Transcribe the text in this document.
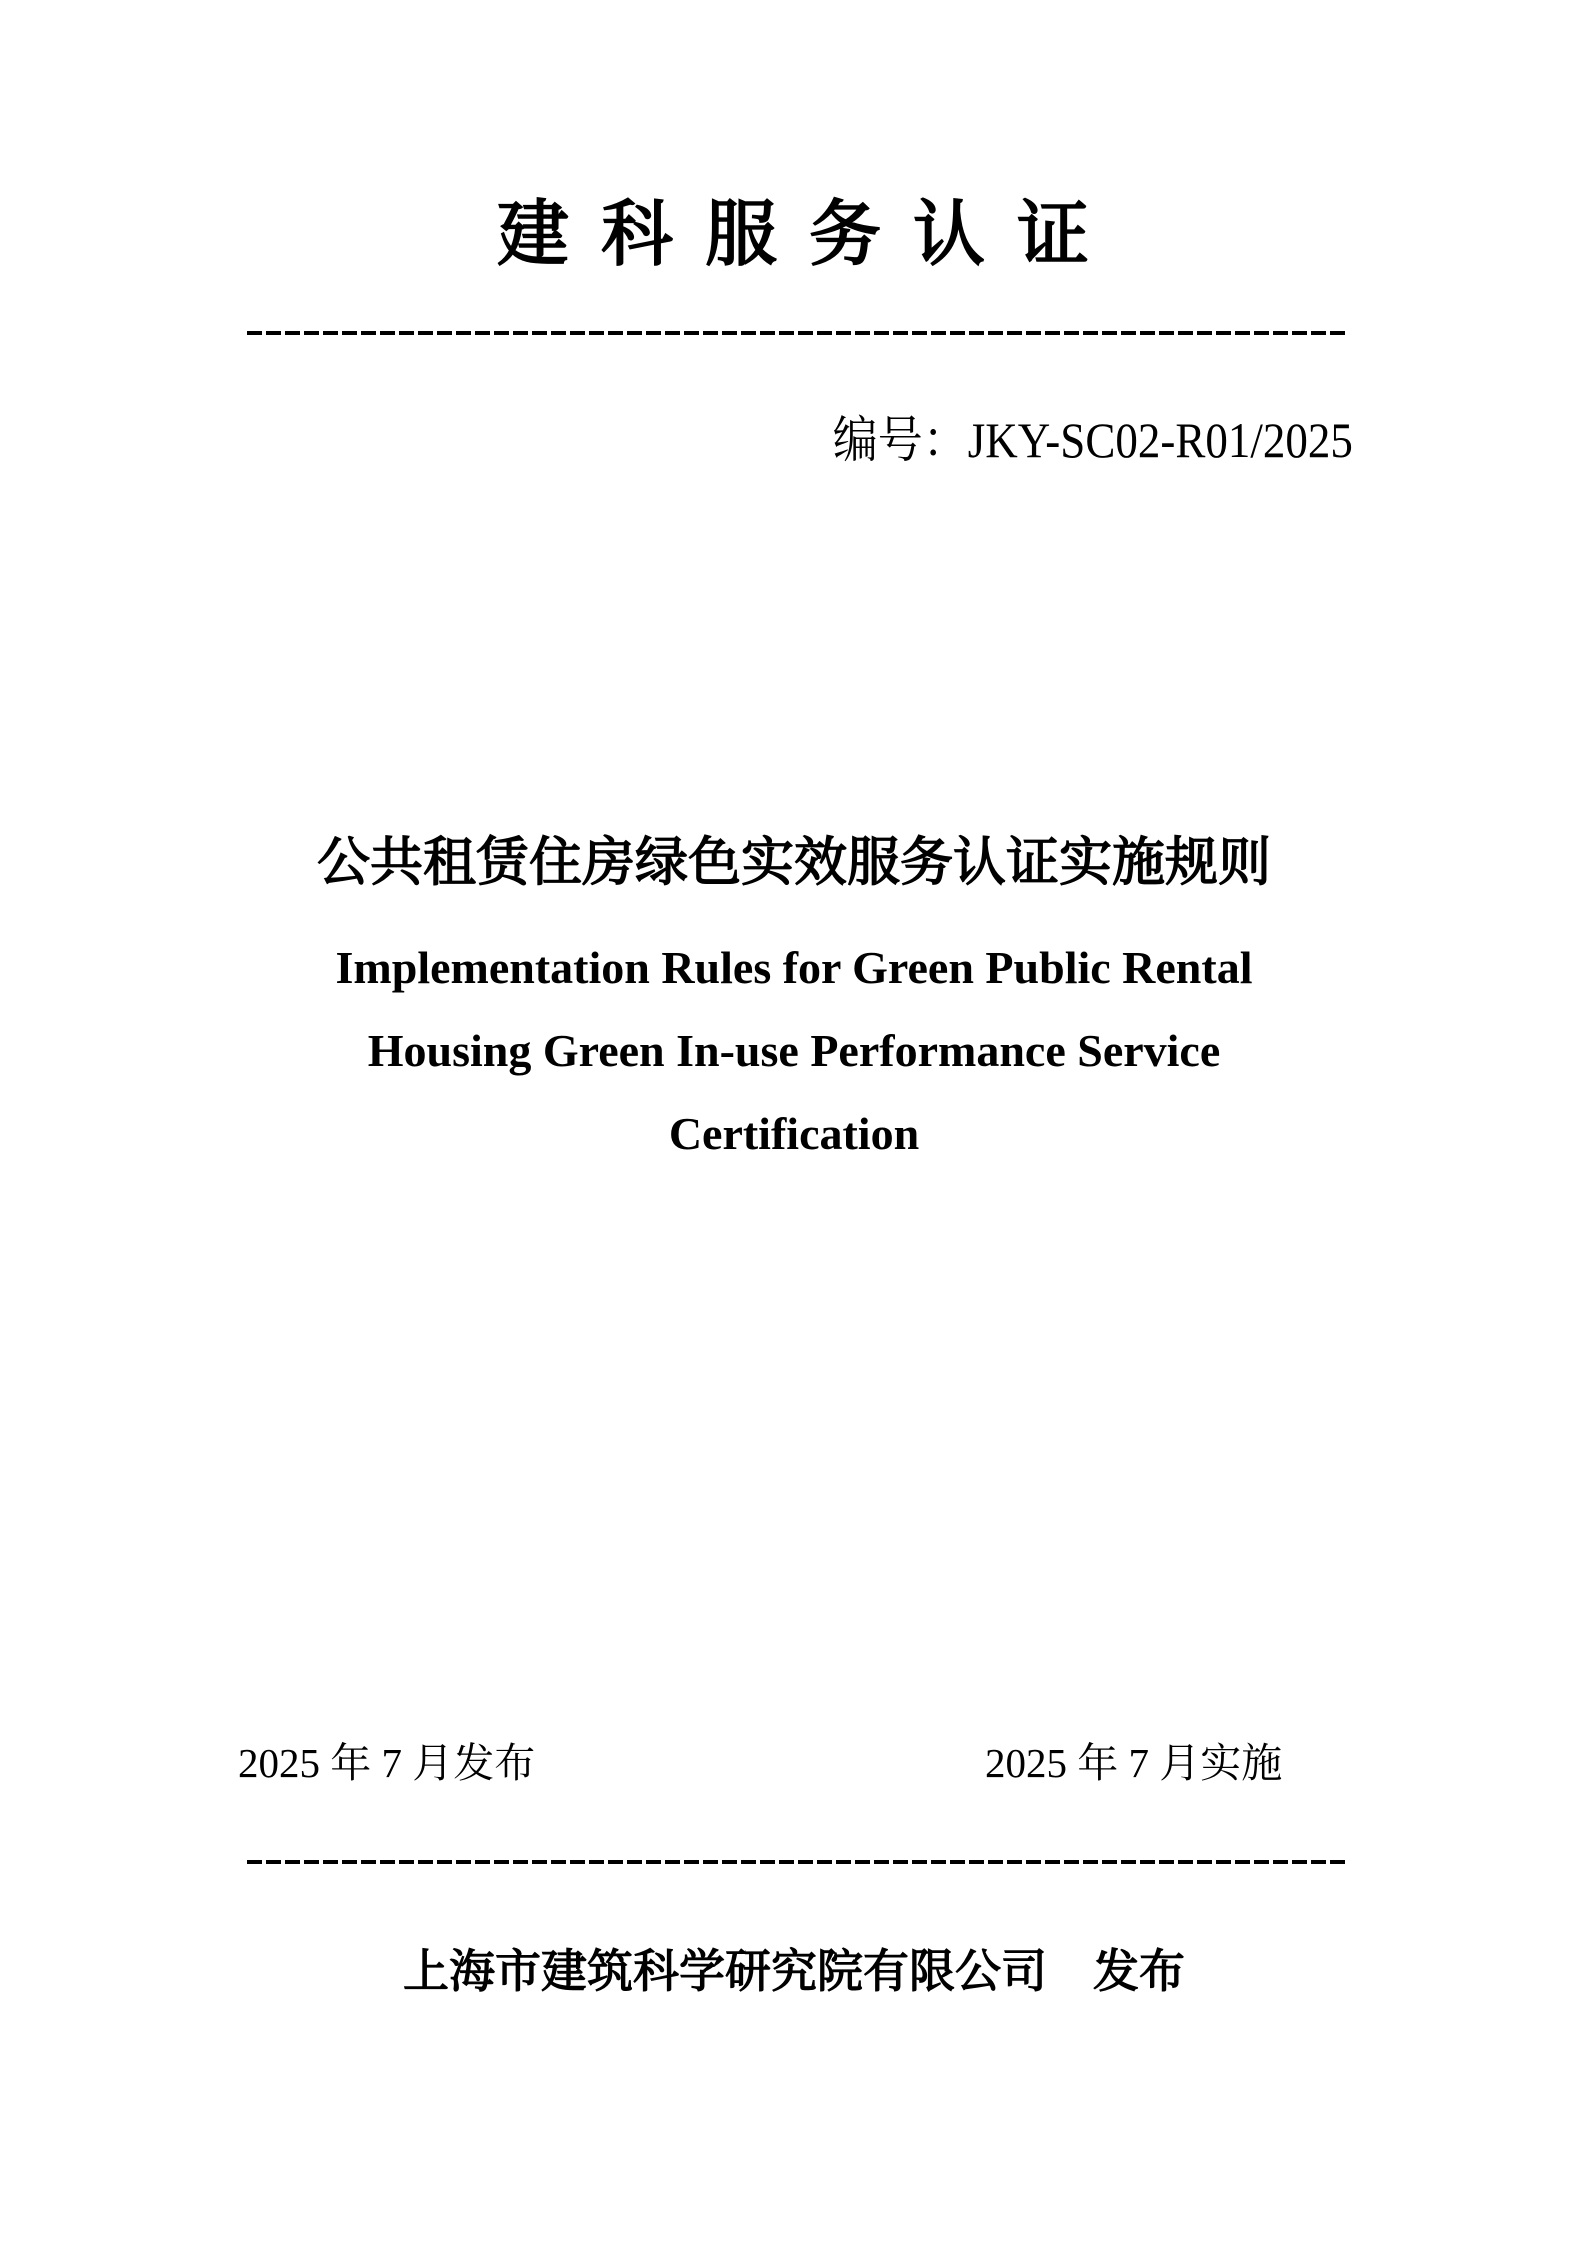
建 科 服 务 认 证
编号：JKY-SC02-R01/2025
公共租赁住房绿色实效服务认证实施规则
Implementation Rules for Green Public Rental
Housing Green In-use Performance Service
Certification
2025 年 7 月发布	2025 年 7 月实施
上海市建筑科学研究院有限公司　发布
